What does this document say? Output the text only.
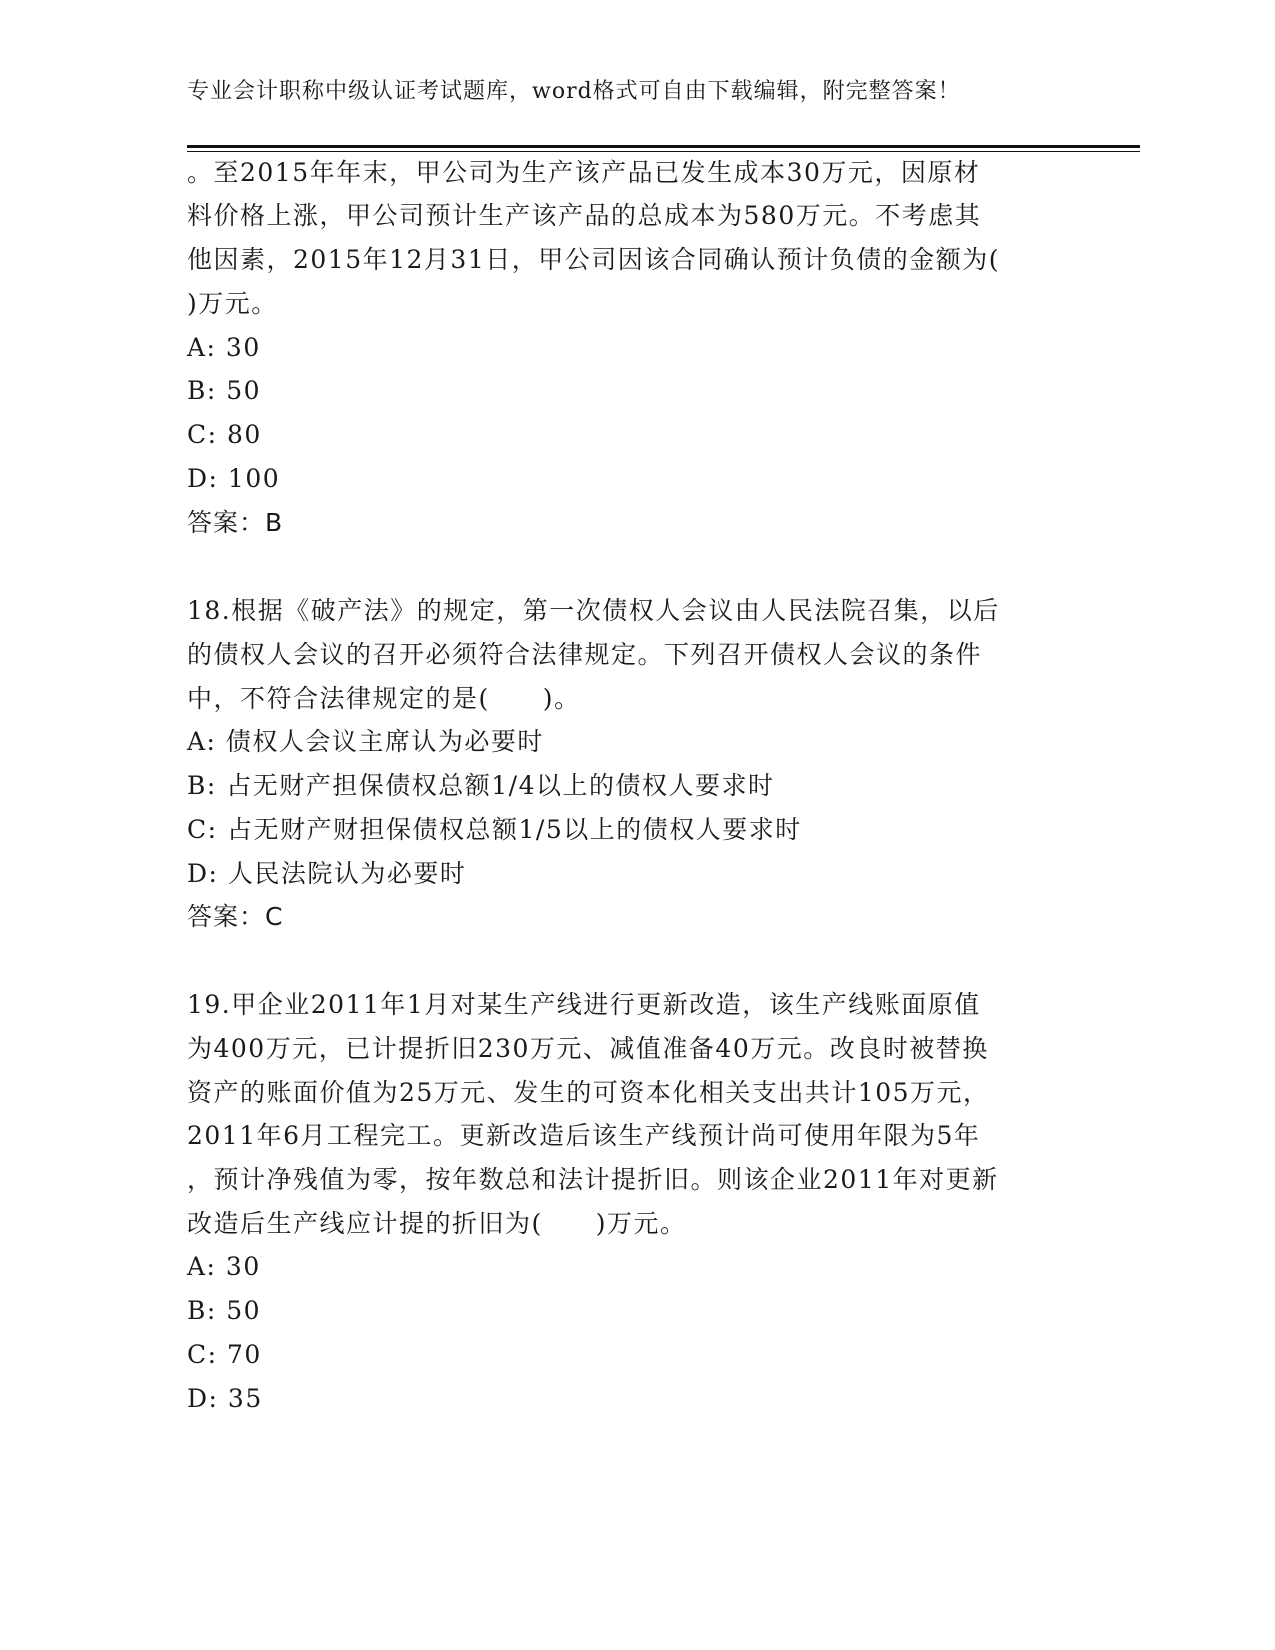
专业会计职称中级认证考试题库，word格式可自由下载编辑，附完整答案！
。至2015年年末，甲公司为生产该产品已发生成本30万元，因原材
料价格上涨，甲公司预计生产该产品的总成本为580万元。不考虑其
他因素，2015年12月31日，甲公司因该合同确认预计负债的金额为(
)万元。
A: 30
B: 50
C: 80
D: 100
答案：B
18.根据《破产法》的规定，第一次债权人会议由人民法院召集，以后
的债权人会议的召开必须符合法律规定。下列召开债权人会议的条件
中，不符合法律规定的是(　　)。
A: 债权人会议主席认为必要时
B: 占无财产担保债权总额1/4以上的债权人要求时
C: 占无财产财担保债权总额1/5以上的债权人要求时
D: 人民法院认为必要时
答案：C
19.甲企业2011年1月对某生产线进行更新改造，该生产线账面原值
为400万元，已计提折旧230万元、减值准备40万元。改良时被替换
资产的账面价值为25万元、发生的可资本化相关支出共计105万元，
2011年6月工程完工。更新改造后该生产线预计尚可使用年限为5年
，预计净残值为零，按年数总和法计提折旧。则该企业2011年对更新
改造后生产线应计提的折旧为(　　)万元。
A: 30
B: 50
C: 70
D: 35
